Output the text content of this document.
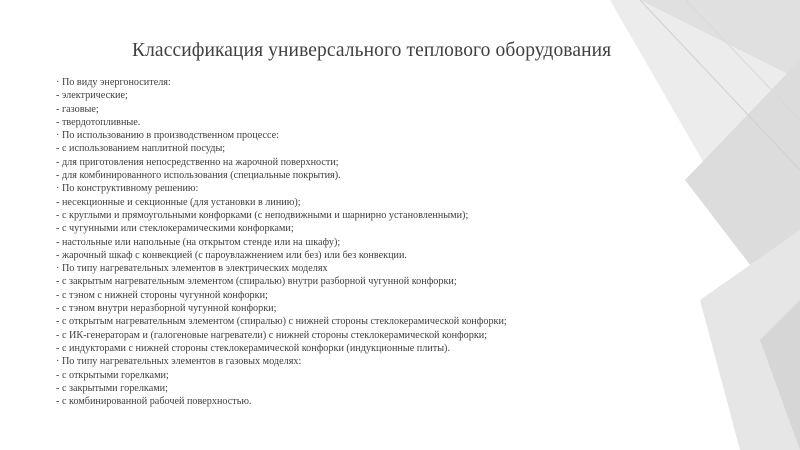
Классификация универсального теплового оборудования
· По виду энергоносителя:
- электрические;
- газовые;
- твердотопливные.
· По использованию в производственном процессе:
- с использованием наплитной посуды;
- для приготовления непосредственно на жарочной поверхности;
- для комбинированного использования (специальные покрытия).
· По конструктивному решению:
- несекционные и секционные (для установки в линию);
- с круглыми и прямоугольными конфорками (с неподвижными и шарнирно установленными);
- с чугунными или стеклокерамическими конфорками;
- настольные или напольные (на открытом стенде или на шкафу);
- жарочный шкаф с конвекцией (с пароувлажнением или без) или без конвекции.
· По типу нагревательных элементов в электрических моделях
- с закрытым нагревательным элементом (спиралью) внутри разборной чугунной конфорки;
- с тэном с нижней стороны чугунной конфорки;
- с тэном внутри неразборной чугунной конфорки;
- с открытым нагревательным элементом (спиралью) с нижней стороны стеклокерамической конфорки;
- с ИК-генераторам и (галогеновые нагреватели) с нижней стороны стеклокерамической конфорки;
- с индукторами с нижней стороны стеклокерамической конфорки (индукционные плиты).
· По типу нагревательных элементов в газовых моделях:
- с открытыми горелками;
- с закрытыми горелками;
- с комбинированной рабочей поверхностью.
